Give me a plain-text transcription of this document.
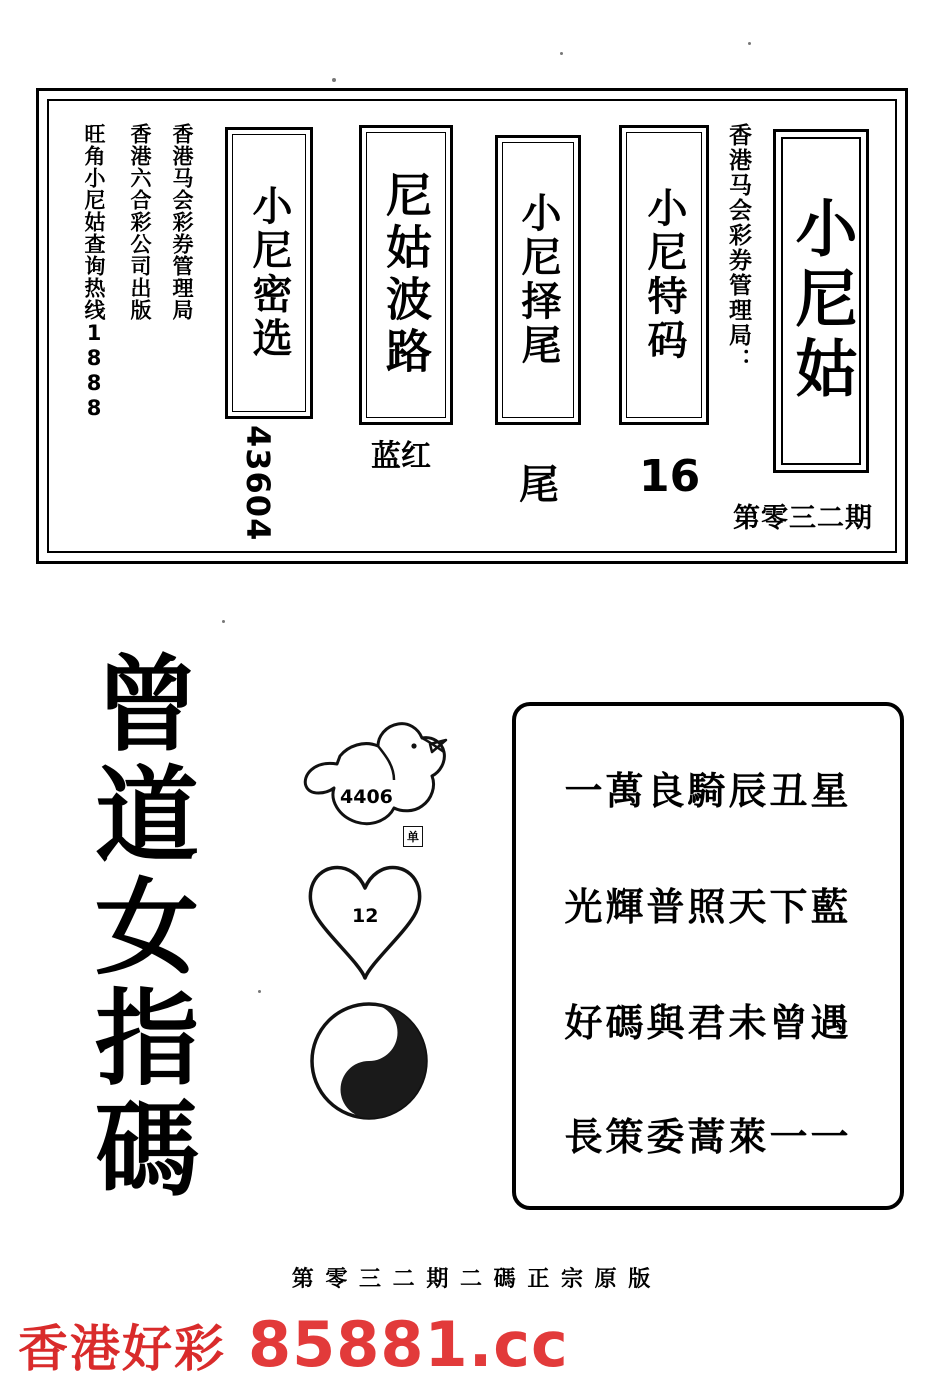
小尼姑
第零三二期
香港马会彩券管理局：
小尼特码
16
小尼择尾
尾
尼姑波路
蓝红
小尼密选
43604
香港马会彩券管理局
香港六合彩公司出版
旺角小尼姑查询热线1888
曾
道
女
指
碼
4406
单
12
20
一萬良騎辰丑星
光輝普照天下藍
好碼與君未曾遇
長策委蒿萊一一
第 零 三 二 期 二 碼 正 宗 原 版
香港好彩 85881.cc
